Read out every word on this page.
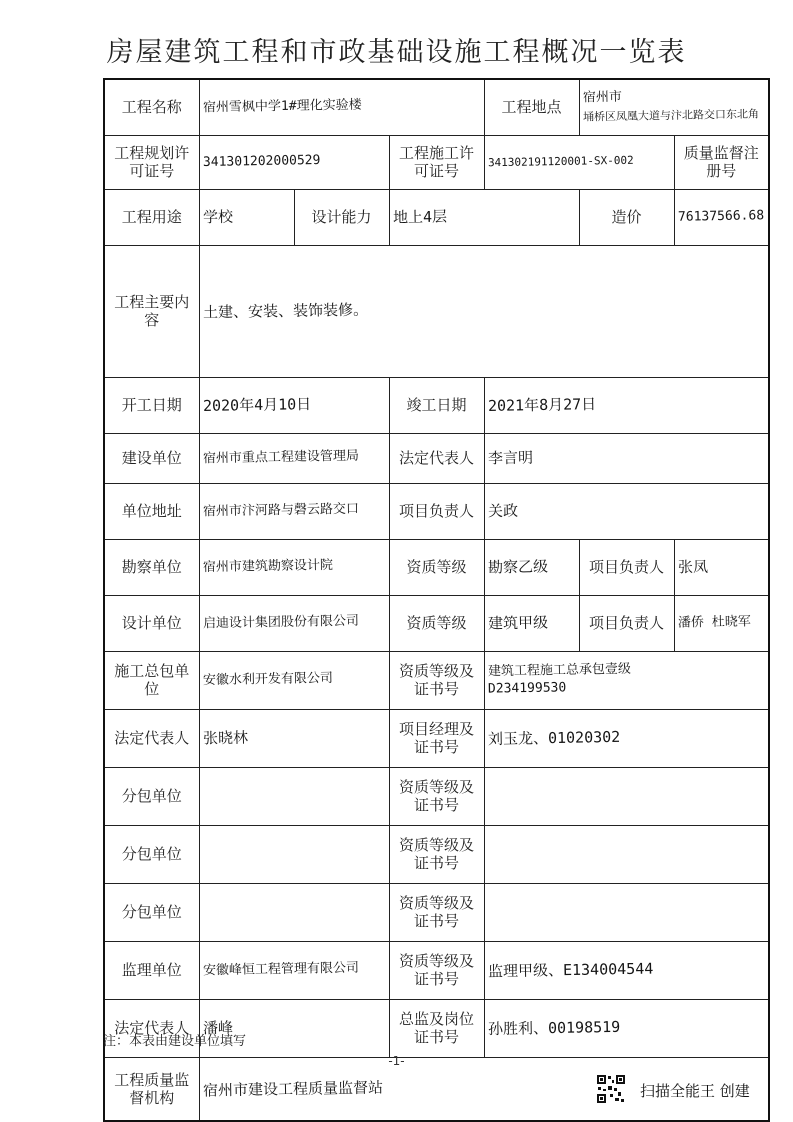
房屋建筑工程和市政基础设施工程概况一览表
工程名称	宿州雪枫中学1#理化实验楼			工程地点	宿州市
埇桥区凤凰大道与汴北路交口东北角	
工程规划许可证号	341301202000529		工程施工许可证号	341302191120001-SX-002		质量监督注册号
工程用途	学校	设计能力	地上4层		造价	76137566.68
工程主要内容	土建、安装、装饰装修。					
开工日期	2020年4月10日		竣工日期	2021年8月27日		
建设单位	宿州市重点工程建设管理局		法定代表人	李言明		
单位地址	宿州市汴河路与磬云路交口		项目负责人	关政		
勘察单位	宿州市建筑勘察设计院		资质等级	勘察乙级	项目负责人	张凤
设计单位	启迪设计集团股份有限公司		资质等级	建筑甲级	项目负责人	潘侨 杜晓军
施工总包单位	安徽水利开发有限公司		资质等级及证书号	建筑工程施工总承包壹级
D234199530		
法定代表人	张晓林		项目经理及证书号	刘玉龙、01020302		
分包单位			资质等级及证书号			
分包单位			资质等级及证书号			
分包单位			资质等级及证书号			
监理单位	安徽峰恒工程管理有限公司		资质等级及证书号	监理甲级、E134004544		
法定代表人	潘峰		总监及岗位证书号	孙胜利、00198519		
工程质量监督机构	宿州市建设工程质量监督站					
注：本表由建设单位填写
-1-
扫描全能王 创建
